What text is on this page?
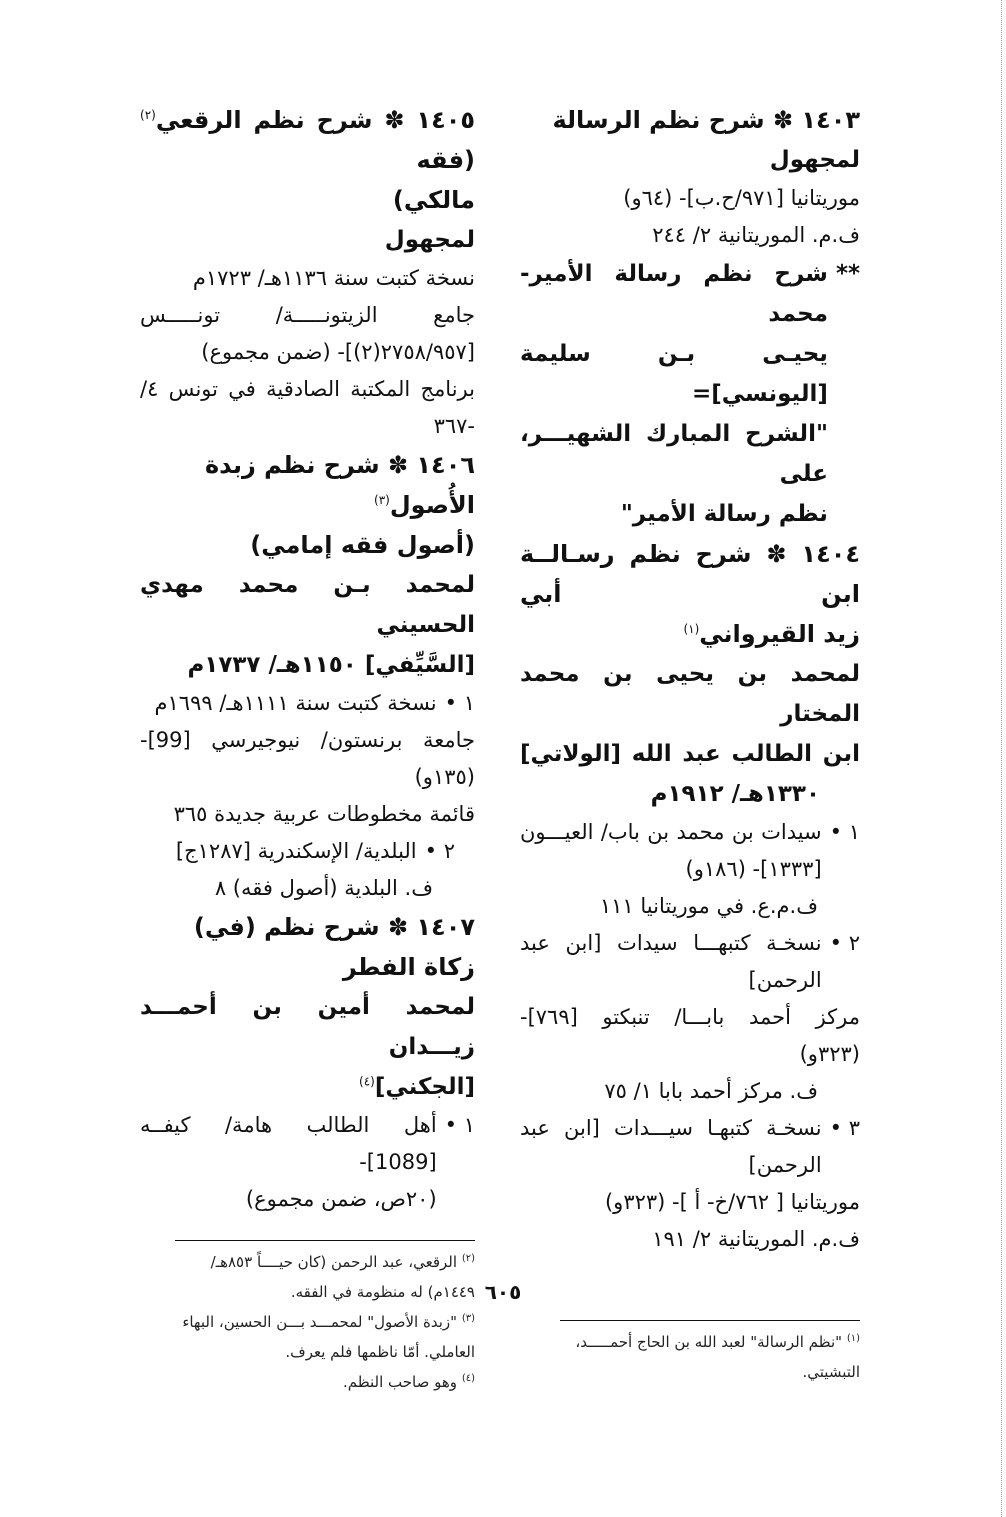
١٤٠٣ ✽ شرح نظم الرسالة

لمجهول

موريتانيا [٩٧١/ح.ب]- (٦٤و)

ف.م. الموريتانية ٢/ ٢٤٤

**

شرح نظم رسالة الأمير- محمد

يحيـى بـن سليمة [اليونسي]=

"الشرح المبارك الشهيـــر، على

نظم رسالة الأمير"

١٤٠٤ ✽ شرح نظم رسـالــة ابن أبي

زيد القيرواني$^{(١)}$

لمحمد بن يحيى بن محمد المختار

ابن الطالب عبد الله [الولاتي]

١٣٣٠هـ/ ١٩١٢م

١ •

سيدات بن محمد بن باب/ العيـــون

[١٣٣٣]- (١٨٦و)

ف.م.ع. في موريتانيا ١١١

٢ •

نسخـة كتبهـــا سيدات [ابن عبد

الرحمن]

مركز أحمد بابـــا/ تنبكتو [٧٦٩]-

(٣٢٣و)

ف. مركز أحمد بابا ١/ ٧٥

٣ •

نسخـة كتبهـا سيـــدات [ابن عبد

الرحمن]

موريتانيا [ ٧٦٢/خ- أ ]- (٣٢٣و)

ف.م. الموريتانية ٢/ ١٩١

$^{(١)}$ "نظم الرسالة" لعبد الله بن الحاج أحمـــــد،

التبشيتي.

١٤٠٥ ✽ شرح نظم الرقعي$^{(٢)}$ (فقه

مالكي)

لمجهول

نسخة كتبت سنة ١١٣٦هـ/ ١٧٢٣م

جامع الزيتونـــــة/ تونـــــس

[٢٧٥٨/٩٥٧(٢)]- (ضمن مجموع)

برنامج المكتبة الصادقية في تونس ٤/

-٣٦٧

١٤٠٦ ✽ شرح نظم زبدة الأُصول$^{(٣)}$

(أصول فقه إمامي)

لمحمد بـن محمد مهدي الحسيني

[السَّيِّفي] ١١٥٠هـ/ ١٧٣٧م

١ •

نسخة كتبت سنة ١١١١هـ/ ١٦٩٩م

جامعة برنستون/ نيوجيرسي [99]-

(١٣٥و)

قائمة مخطوطات عربية جديدة ٣٦٥

٢ •

البلدية/ الإسكندرية [١٢٨٧ج]

ف. البلدية (أصول فقه) ٨

١٤٠٧ ✽ شرح نظم (في) زكاة الفطر

لمحمد أمين بن أحمـــد زيـــدان

[الجكني]$^{(٤)}$

١ •

أهل الطالب هامة/ كيفــه [1089]-

(٢٠ص، ضمن مجموع)

$^{(٢)}$ الرقعي، عبد الرحمن (كان حيــــاً ٨٥٣هـ/

١٤٤٩م) له منظومة في الفقه.

$^{(٣)}$ "زبدة الأصول" لمحمـــد بـــن الحسين، البهاء

العاملي. أمّا ناظمها فلم يعرف.

$^{(٤)}$ وهو صاحب النظم.

٦٠٥
